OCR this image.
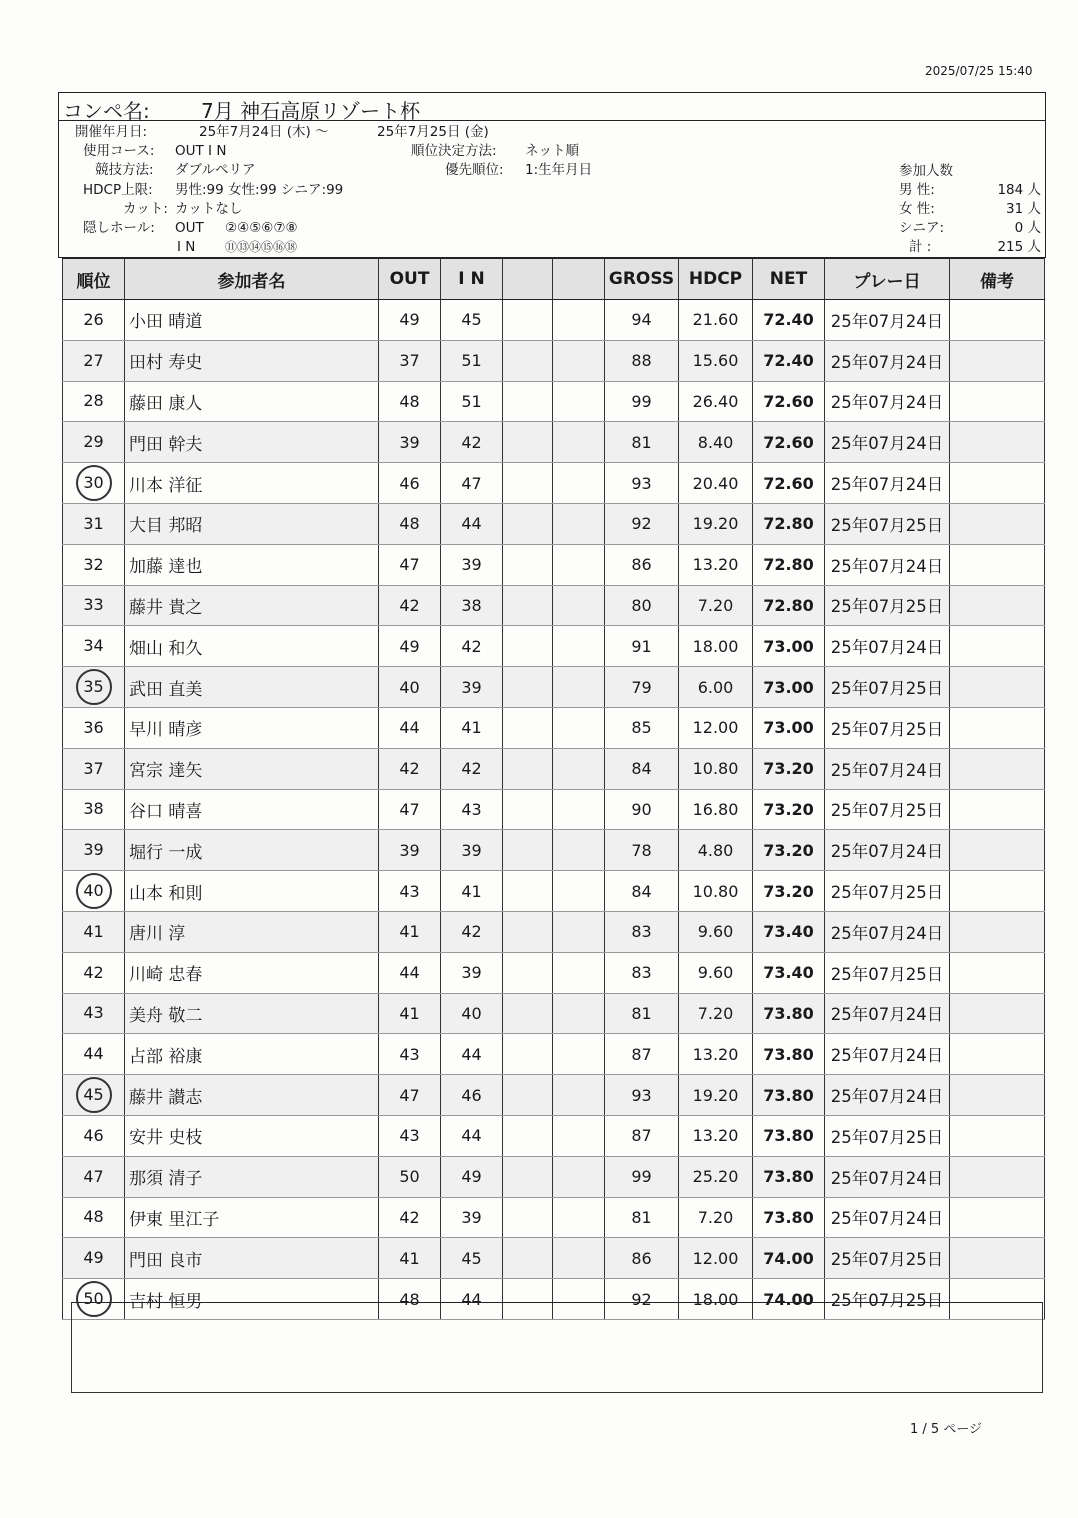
2025/07/25 15:40
コンペ名:	7月 神石高原リゾート杯
開催年月日:	25年7月24日 (木) ～	25年7月25日 (金)
使用コース: OUT I N	順位決定方法: ネット順
競技方法: ダブルペリア	優先順位: 1:生年月日
HDCP上限: 男性:99 女性:99 シニア:99
カット: カットなし
隠しホール: OUT ②④⑤⑥⑦⑧
I N ⑪⑬⑭⑮⑯⑱
参加人数
男 性:	184 人
女 性:	31 人
シニア:	0 人
計 :	215 人
順位	参加者名	OUT	I N			GROSS	HDCP	NET	プレー日	備考
26	小田 晴道	49	45			94	21.60	72.40	25年07月24日	
27	田村 寿史	37	51			88	15.60	72.40	25年07月24日	
28	藤田 康人	48	51			99	26.40	72.60	25年07月24日	
29	門田 幹夫	39	42			81	8.40	72.60	25年07月24日	
30	川本 洋征	46	47			93	20.40	72.60	25年07月24日	
31	大目 邦昭	48	44			92	19.20	72.80	25年07月25日	
32	加藤 達也	47	39			86	13.20	72.80	25年07月24日	
33	藤井 貴之	42	38			80	7.20	72.80	25年07月25日	
34	畑山 和久	49	42			91	18.00	73.00	25年07月24日	
35	武田 直美	40	39			79	6.00	73.00	25年07月25日	
36	早川 晴彦	44	41			85	12.00	73.00	25年07月25日	
37	宮宗 達矢	42	42			84	10.80	73.20	25年07月24日	
38	谷口 晴喜	47	43			90	16.80	73.20	25年07月25日	
39	堀行 一成	39	39			78	4.80	73.20	25年07月24日	
40	山本 和則	43	41			84	10.80	73.20	25年07月25日	
41	唐川 淳	41	42			83	9.60	73.40	25年07月24日	
42	川崎 忠春	44	39			83	9.60	73.40	25年07月25日	
43	美舟 敬二	41	40			81	7.20	73.80	25年07月24日	
44	占部 裕康	43	44			87	13.20	73.80	25年07月24日	
45	藤井 讃志	47	46			93	19.20	73.80	25年07月24日	
46	安井 史枝	43	44			87	13.20	73.80	25年07月25日	
47	那須 清子	50	49			99	25.20	73.80	25年07月24日	
48	伊東 里江子	42	39			81	7.20	73.80	25年07月24日	
49	門田 良市	41	45			86	12.00	74.00	25年07月25日	
50	吉村 恒男	48	44			92	18.00	74.00	25年07月25日	
1 / 5 ページ
